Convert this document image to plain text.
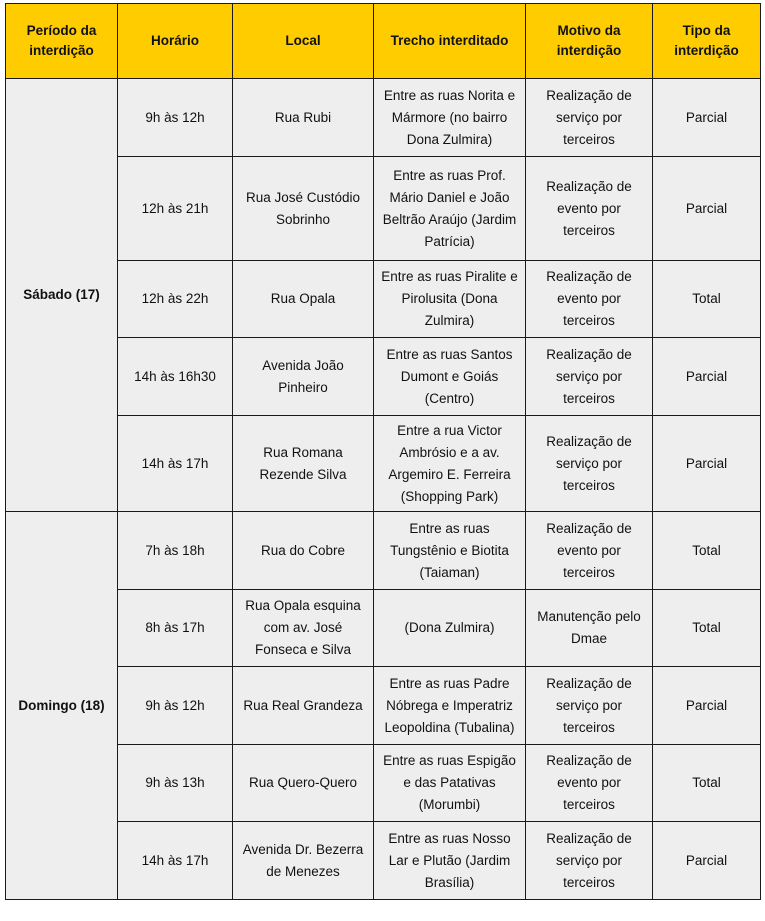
Período da interdição	Horário	Local	Trecho interditado	Motivo da interdição	Tipo da interdição
Sábado (17)	9h às 12h	Rua Rubi	Entre as ruas Norita e Mármore (no bairro Dona Zulmira)	Realização de serviço por terceiros	Parcial
	12h às 21h	Rua José Custódio Sobrinho	Entre as ruas Prof. Mário Daniel e João Beltrão Araújo (Jardim Patrícia)	Realização de evento por terceiros	Parcial
	12h às 22h	Rua Opala	Entre as ruas Piralite e Pirolusita (Dona Zulmira)	Realização de evento por terceiros	Total
	14h às 16h30	Avenida João Pinheiro	Entre as ruas Santos Dumont e Goiás (Centro)	Realização de serviço por terceiros	Parcial
	14h às 17h	Rua Romana Rezende Silva	Entre a rua Victor Ambrósio e a av. Argemiro E. Ferreira (Shopping Park)	Realização de serviço por terceiros	Parcial
Domingo (18)	7h às 18h	Rua do Cobre	Entre as ruas Tungstênio e Biotita (Taiaman)	Realização de evento por terceiros	Total
	8h às 17h	Rua Opala esquina com av. José Fonseca e Silva	(Dona Zulmira)	Manutenção pelo Dmae	Total
	9h às 12h	Rua Real Grandeza	Entre as ruas Padre Nóbrega e Imperatriz Leopoldina (Tubalina)	Realização de serviço por terceiros	Parcial
	9h às 13h	Rua Quero-Quero	Entre as ruas Espigão e das Patativas (Morumbi)	Realização de evento por terceiros	Total
	14h às 17h	Avenida Dr. Bezerra de Menezes	Entre as ruas Nosso Lar e Plutão (Jardim Brasília)	Realização de serviço por terceiros	Parcial
